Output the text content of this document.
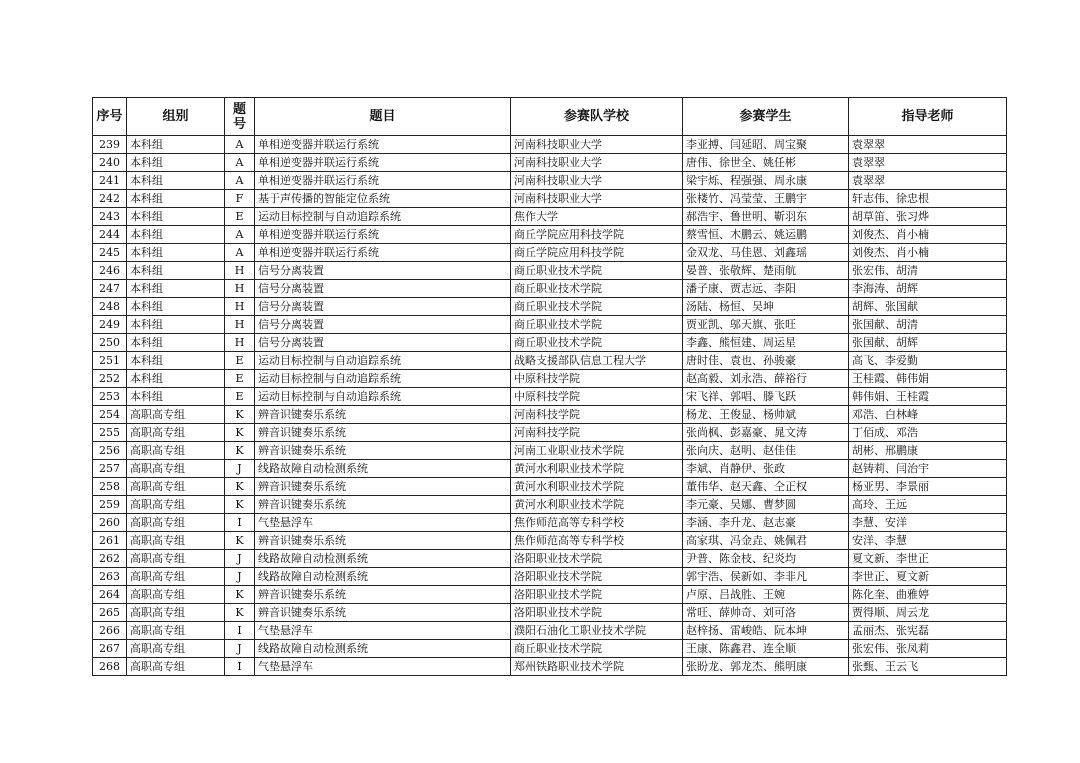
序号	组别	题号	题目	参赛队学校	参赛学生	指导老师
239	本科组	A	单相逆变器并联运行系统	河南科技职业大学	李亚搏、闫延昭、周宝聚	袁翠翠
240	本科组	A	单相逆变器并联运行系统	河南科技职业大学	唐伟、徐世全、姚任彬	袁翠翠
241	本科组	A	单相逆变器并联运行系统	河南科技职业大学	梁宇烁、程强强、周永康	袁翠翠
242	本科组	F	基于声传播的智能定位系统	河南科技职业大学	张楼竹、冯莹莹、王鹏宇	轩志伟、徐忠根
243	本科组	E	运动目标控制与自动追踪系统	焦作大学	郝浩宇、鲁世明、靳羽东	胡草笛、张习烨
244	本科组	A	单相逆变器并联运行系统	商丘学院应用科技学院	蔡雪恒、木鹏云、姚运鹏	刘俊杰、肖小楠
245	本科组	A	单相逆变器并联运行系统	商丘学院应用科技学院	金双龙、马佳恩、刘鑫瑶	刘俊杰、肖小楠
246	本科组	H	信号分离装置	商丘职业技术学院	晏普、张敬辉、楚雨航	张宏伟、胡清
247	本科组	H	信号分离装置	商丘职业技术学院	潘子康、贾志远、李阳	李海涛、胡辉
248	本科组	H	信号分离装置	商丘职业技术学院	汤陆、杨恒、吴坤	胡辉、张国献
249	本科组	H	信号分离装置	商丘职业技术学院	贾亚凯、邬天旗、张旺	张国献、胡清
250	本科组	H	信号分离装置	商丘职业技术学院	李鑫、熊恒建、周运星	张国献、胡辉
251	本科组	E	运动目标控制与自动追踪系统	战略支援部队信息工程大学	唐时佳、袁也、孙骏豪	高飞、李爱勤
252	本科组	E	运动目标控制与自动追踪系统	中原科技学院	赵高毅、刘永浩、薛裕行	王桂霞、韩伟娟
253	本科组	E	运动目标控制与自动追踪系统	中原科技学院	宋飞祥、郭唱、滕飞跃	韩伟娟、王桂霞
254	高职高专组	K	辨音识键奏乐系统	河南科技学院	杨龙、王俊显、杨帅斌	邓浩、白林峰
255	高职高专组	K	辨音识键奏乐系统	河南科技学院	张尚枫、彭嘉豪、晁文涛	丁佰成、邓浩
256	高职高专组	K	辨音识键奏乐系统	河南工业职业技术学院	张向庆、赵明、赵佳佳	胡彬、邢鹏康
257	高职高专组	J	线路故障自动检测系统	黄河水利职业技术学院	李斌、肖静伊、张政	赵铸莉、闫治宇
258	高职高专组	K	辨音识键奏乐系统	黄河水利职业技术学院	董伟华、赵天鑫、仝正权	杨亚男、李景丽
259	高职高专组	K	辨音识键奏乐系统	黄河水利职业技术学院	李元豪、吴娜、曹梦圆	高玲、王远
260	高职高专组	I	气垫悬浮车	焦作师范高等专科学校	李涵、李升龙、赵志豪	李慧、安洋
261	高职高专组	K	辨音识键奏乐系统	焦作师范高等专科学校	高家琪、冯金垚、姚佩君	安洋、李慧
262	高职高专组	J	线路故障自动检测系统	洛阳职业技术学院	尹普、陈金枝、纪炎均	夏文新、李世正
263	高职高专组	J	线路故障自动检测系统	洛阳职业技术学院	郭宇浩、侯新如、李非凡	李世正、夏文新
264	高职高专组	K	辨音识键奏乐系统	洛阳职业技术学院	卢原、吕战胜、王婉	陈化奎、曲雅婷
265	高职高专组	K	辨音识键奏乐系统	洛阳职业技术学院	常旺、薛帅奇、刘可洛	贾得顺、周云龙
266	高职高专组	I	气垫悬浮车	濮阳石油化工职业技术学院	赵梓扬、雷峻皓、阮本坤	孟丽杰、张宪磊
267	高职高专组	J	线路故障自动检测系统	商丘职业技术学院	王康、陈鑫君、连全顺	张宏伟、张凤莉
268	高职高专组	I	气垫悬浮车	郑州铁路职业技术学院	张盼龙、郭龙杰、熊明康	张甄、王云飞
